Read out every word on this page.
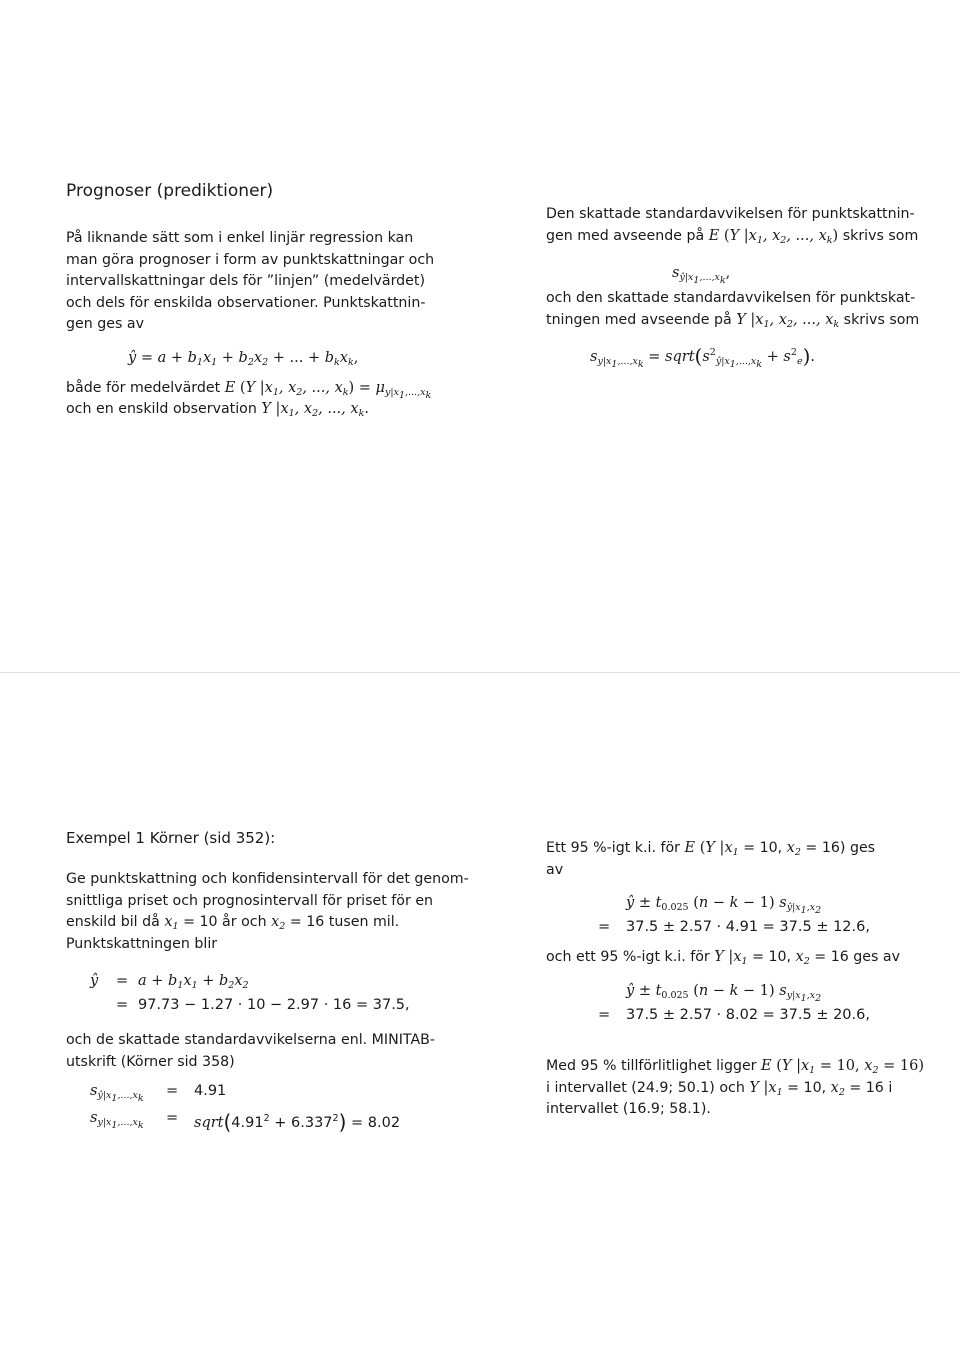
Prognoser (prediktioner)
På liknande sätt som i enkel linjär regression kan
man göra prognoser i form av punktskattningar och
intervallskattningar dels för ”linjen” (medelvärdet)
och dels för enskilda observationer. Punktskattnin-
gen ges av
ŷ = $a + b_1x_1 + b_2x_2$ + ... + $b_kx_k$,
både för medelvärdet E (Y $|x_1$, $x_2$, ..., $x_k) = \mu_{y|x_1,...,x_k}$
och en enskild observation Y $|x_1$, $x_2$, ..., $x_k$.
Den skattade standardavvikelsen för punktskattnin-
gen med avseende på E (Y $|x_1$, $x_2$, ..., $x_k$) skrivs som
$s_{ŷ|x_1,...,x_k}$,
och den skattade standardavvikelsen för punktskat-
tningen med avseende på Y $|x_1$, $x_2$, ..., $x_k$ skrivs som
$s_{y|x_1,...,x_k}$ = $sqrt(s^2_{ŷ|x_1,...,x_k} + s^2_e)$.
Exempel 1 Körner (sid 352):
Ge punktskattning och konfidensintervall för det genom-
snittliga priset och prognosintervall för priset för en
enskild bil då $x_1 = 10$ år och $x_2 = 16$ tusen mil.
Punktskattningen blir
ŷ = $a + b_1x_1 + b_2x_2$
= 97.73 − 1.27 · 10 − 2.97 · 16 = 37.5,
och de skattade standardavvikelserna enl. MINITAB-
utskrift (Körner sid 358)
$s_{ŷ|x_1,...,x_k} = 4.91$
$s_{y|x_1,...,x_k}$ = $sqrt(4.91^2 + 6.337^2) = 8.02$
Ett 95 %-igt k.i. för E (Y $|x_1 = 10$, $x_2 = 16$) ges
av
ŷ ± $t_{0.025}$ (n − k − 1) $s_{ŷ|x_1,x_2}$
= 37.5 ± 2.57 · 4.91 = 37.5 ± 12.6,
och ett 95 %-igt k.i. för Y $|x_1 = 10$, $x_2 = 16$ ges av
ŷ ± $t_{0.025}$ (n − k − 1) $s_{y|x_1,x_2}$
= 37.5 ± 2.57 · 8.02 = 37.5 ± 20.6,
Med 95 % tillförlitlighet ligger E (Y $|x_1 = 10$, $x_2 = 16$)
i intervallet (24.9; 50.1) och Y $|x_1 = 10$, $x_2 = 16$ i
intervallet (16.9; 58.1).
